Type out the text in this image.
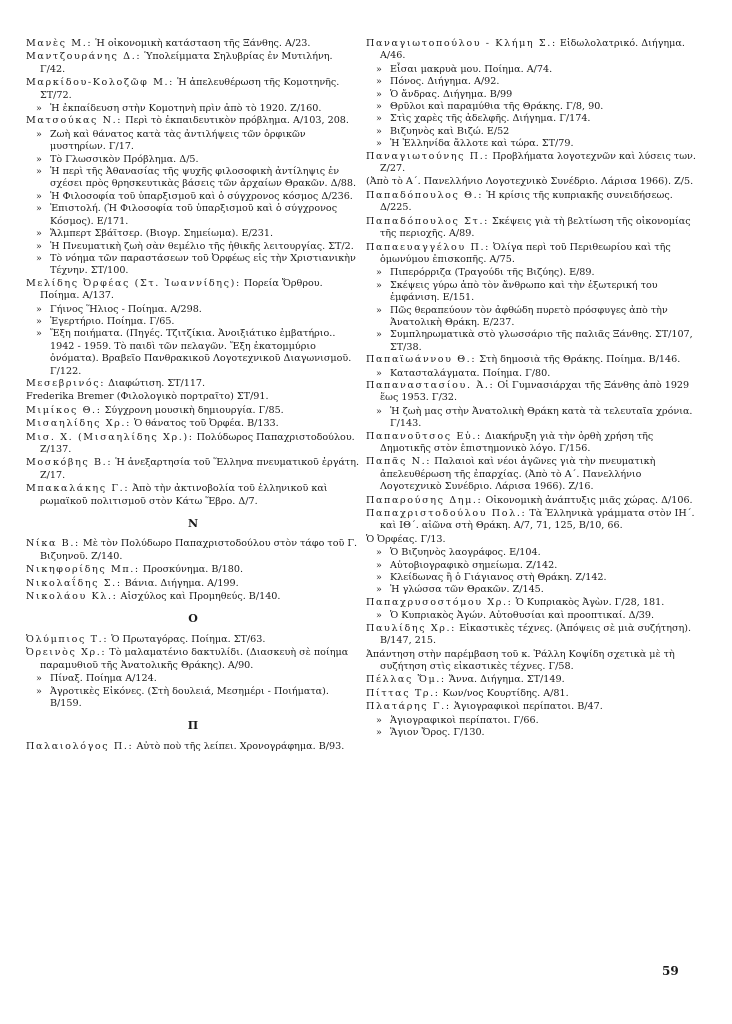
Μανὲς Μ.: Ἡ οἰκονομικὴ κατάσταση τῆς Ξάνθης. Α/23.
Μαντζουράνης Δ.: Ὑπολείμματα Σηλυβρίας ἐν Μυτιλήνη. Γ/42.
Μαρκίδου-Κολοζῶφ Μ.: Ἡ ἀπελευθέρωση τῆς Κομοτηνῆς. ΣΤ/72.
» Ἡ ἐκπαίδευση στὴν Κομοτηνὴ πρὶν ἀπὸ τὸ 1920. Ζ/160.
Ματσούκας Ν.: Περὶ τὸ ἐκπαιδευτικὸν πρόβλημα. Α/103, 208.
» Ζωὴ καὶ θάνατος κατὰ τὰς ἀντιλήψεις τῶν ὀρφικῶν μυστηρίων. Γ/17.
» Τὸ Γλωσσικὸν Πρόβλημα. Δ/5.
» Ἡ περὶ τῆς Ἀθανασίας τῆς ψυχῆς φιλοσοφικὴ ἀντίληψις ἐν σχέσει πρὸς θρησκευτικὰς βάσεις τῶν ἀρχαίων Θρακῶν. Δ/88.
» Ἡ Φιλοσοφία τοῦ ὑπαρξισμοῦ καὶ ὁ σύγχρονος κόσμος Δ/236.
» Ἐπιστολή. (Ἡ Φιλοσοφία τοῦ ὑπαρξισμοῦ καὶ ὁ σύγχρονος Κόσμος). Ε/171.
» Ἄλμπερτ Σβάϊτσερ. (Βιογρ. Σημείωμα). Ε/231.
» Ἡ Πνευματικὴ ζωὴ σὰν θεμέλιο τῆς ἠθικῆς λειτουργίας. ΣΤ/2.
» Τὸ νόημα τῶν παραστάσεων τοῦ Ὀρφέως εἰς τὴν Χριστιανικὴν Τέχνην. ΣΤ/100.
Μελίδης Ὀρφέας (Στ. Ἰωαννίδης): Πορεία Ὄρθρου. Ποίημα. Α/137.
» Γήινος Ἥλιος - Ποίημα. Α/298.
» Ἐγερτήριο. Ποίημα. Γ/65.
» Ἔξη ποιήματα. (Πηγές. Τζιτζίκια. Ἀνοιξιάτικο ἐμβατήριο.. 1942 - 1959. Τὸ παιδὶ τῶν πελαγῶν. Ἔξη ἑκατομμύριο ὀνόματα). Βραβεῖο Πανθρακικοῦ Λογοτεχνικοῦ Διαγωνισμοῦ. Γ/122.
Μεσεβρινός: Διαφώτιση. ΣΤ/117.
Frederika Bremer (Φιλολογικὸ πορτραῖτο) ΣΤ/91.
Μιμίκος Θ.: Σύγχρονη μουσικὴ δημιουργία. Γ/85.
Μισαηλίδης Χρ.: Ὁ θάνατος τοῦ Ὀρφέα. Β/133.
Μισ. Χ. (Μισαηλίδης Χρ.): Πολύδωρος Παπαχριστοδούλου. Ζ/137.
Μοσκόβης Β.: Ἡ ἀνεξαρτησία τοῦ Ἕλληνα πνευματικοῦ ἐργάτη. Ζ/17.
Μπακαλάκης Γ.: Ἀπὸ τὴν ἀκτινοβολία τοῦ ἑλληνικοῦ καὶ ρωμαϊκοῦ πολιτισμοῦ στὸν Κάτω Ἕβρο. Δ/7.
Ν
Νίκα Β.: Μὲ τὸν Πολύδωρο Παπαχριστοδούλου στὸν τάφο τοῦ Γ. Βιζυηνοῦ. Ζ/140.
Νικηφορίδης Μπ.: Προσκύνημα. Β/180.
Νικολαΐδης Σ.: Βάνια. Διήγημα. Α/199.
Νικολάου Κλ.: Αἰσχύλος καὶ Προμηθεύς. Β/140.
Ο
Ὀλύμπιος Τ.: Ὁ Πρωταγόρας. Ποίημα. ΣΤ/63.
Ὀρεινὸς Χρ.: Τὸ μαλαματένιο δακτυλίδι. (Διασκευὴ σὲ ποίημα παραμυθιοῦ τῆς Ἀνατολικῆς Θράκης). Α/90.
» Πίναξ. Ποίημα Α/124.
» Ἀγροτικὲς Εἰκόνες. (Στὴ δουλειά, Μεσημέρι - Ποιήματα). Β/159.
Π
Παλαιολόγος Π.: Αὐτὸ ποὺ τῆς λείπει. Χρονογράφημα. Β/93.
Παναγιωτοπούλου - Κλήμη Σ.: Εἰδωλολατρικό. Διήγημα. Α/46.
» Εἶσαι μακρυὰ μου. Ποίημα. Α/74.
» Πόνος. Διήγημα. Α/92.
» Ὁ ἄνδρας. Διήγημα. Β/99
» Θρῦλοι καὶ παραμύθια τῆς Θράκης. Γ/8, 90.
» Στὶς χαρὲς τῆς ἀδελφῆς. Διήγημα. Γ/174.
» Βιζυηνὸς καὶ Βιζώ. Ε/52
» Ἡ Ἑλληνίδα ἄλλοτε καὶ τώρα. ΣΤ/79.
Παναγιωτούνης Π.: Προβλήματα λογοτεχνῶν καὶ λύσεις των. Ζ/27.
(Ἀπὸ τὸ Α΄. Πανελλήνιο Λογοτεχνικὸ Συνέδριο. Λάρισα 1966). Ζ/5.
Παπαδόπουλος Θ.: Ἡ κρίσις τῆς κυπριακῆς συνειδήσεως. Δ/225.
Παπαδόπουλος Στ.: Σκέψεις γιὰ τὴ βελτίωση τῆς οἰκονομίας τῆς περιοχῆς. Α/89.
Παπαευαγγέλου Π.: Ὀλίγα περὶ τοῦ Περιθεωρίου καὶ τῆς ὁμωνύμου ἐπισκοπῆς. Α/75.
» Πιπερόρριζα (Τραγούδι τῆς Βιζύης). Ε/89.
» Σκέψεις γύρω ἀπὸ τὸν ἄνθρωπο καὶ τὴν ἐξωτερική του ἐμφάνιση. Ε/151.
» Πῶς θεραπεύουν τὸν ἀφθώδη πυρετὸ πρόσφυγες ἀπὸ τὴν Ἀνατολικὴ Θράκη. Ε/237.
» Συμπληρωματικὰ στὸ γλωσσάριο τῆς παλιᾶς Ξάνθης. ΣΤ/107, ΣΤ/38.
Παπαϊωάννου Θ.: Στὴ δημοσιὰ τῆς Θράκης. Ποίημα. Β/146.
» Κατασταλάγματα. Ποίημα. Γ/80.
Παπαναστασίου. Ἀ.: Οἱ Γυμνασιάρχαι τῆς Ξάνθης ἀπὸ 1929 ἕως 1953. Γ/32.
» Ἡ ζωὴ μας στὴν Ἀνατολικὴ Θράκη κατὰ τὰ τελευταῖα χρόνια. Γ/143.
Παπανοῦτσος Εὐ.: Διακήρυξη γιὰ τὴν ὀρθὴ χρήση τῆς Δημοτικῆς στὸν ἐπιστημονικὸ λόγο. Γ/156.
Παπᾶς Ν.: Παλαιοὶ καὶ νέοι ἀγῶνες γιὰ τὴν πνευματικὴ ἀπελευθέρωση τῆς ἐπαρχίας. (Ἀπὸ τὸ Α΄. Πανελλήνιο Λογοτεχνικὸ Συνέδριο. Λάρισα 1966). Ζ/16.
Παπαρούσης Δημ.: Οἰκονομικὴ ἀνάπτυξις μιᾶς χώρας. Δ/106.
Παπαχριστοδούλου Πολ.: Τὰ Ἑλληνικὰ γράμματα στὸν ΙΗ΄. καὶ ΙΘ΄. αἰῶνα στὴ Θράκη. Α/7, 71, 125, Β/10, 66.
Ὁ Ὀρφέας. Γ/13.
» Ὁ Βιζυηνὸς λαογράφος. Ε/104.
» Αὐτοβιογραφικὸ σημείωμα. Ζ/142.
» Κλείδωνας ἢ ὁ Γιάγιανος στὴ Θράκη. Ζ/142.
» Ἡ γλώσσα τῶν Θρακῶν. Ζ/145.
Παπαχρυσοστόμου Χρ.: Ὁ Κυπριακὸς Ἀγὼν. Γ/28, 181.
» Ὁ Κυπριακὸς Ἀγών. Αὐτοθυσίαι καὶ προοπτικαί. Δ/39.
Παυλίδης Χρ.: Εἰκαστικὲς τέχνες. (Ἀπόψεις σὲ μιὰ συζήτηση). Β/147, 215.
Ἀπάντηση στὴν παρέμβαση τοῦ κ. Ῥάλλη Κοψίδη σχετικὰ μὲ τὴ συζήτηση στὶς εἰκαστικὲς τέχνες. Γ/58.
Πέλλας Ὅμ.: Ἄννα. Διήγημα. ΣΤ/149.
Πίττας Τρ.: Κων/νος Κουρτίδης. Α/81.
Πλατάρης Γ.: Ἁγιογραφικοὶ περίπατοι. Β/47.
» Ἁγιογραφικοὶ περίπατοι. Γ/66.
» Ἅγιον Ὄρος. Γ/130.
59
